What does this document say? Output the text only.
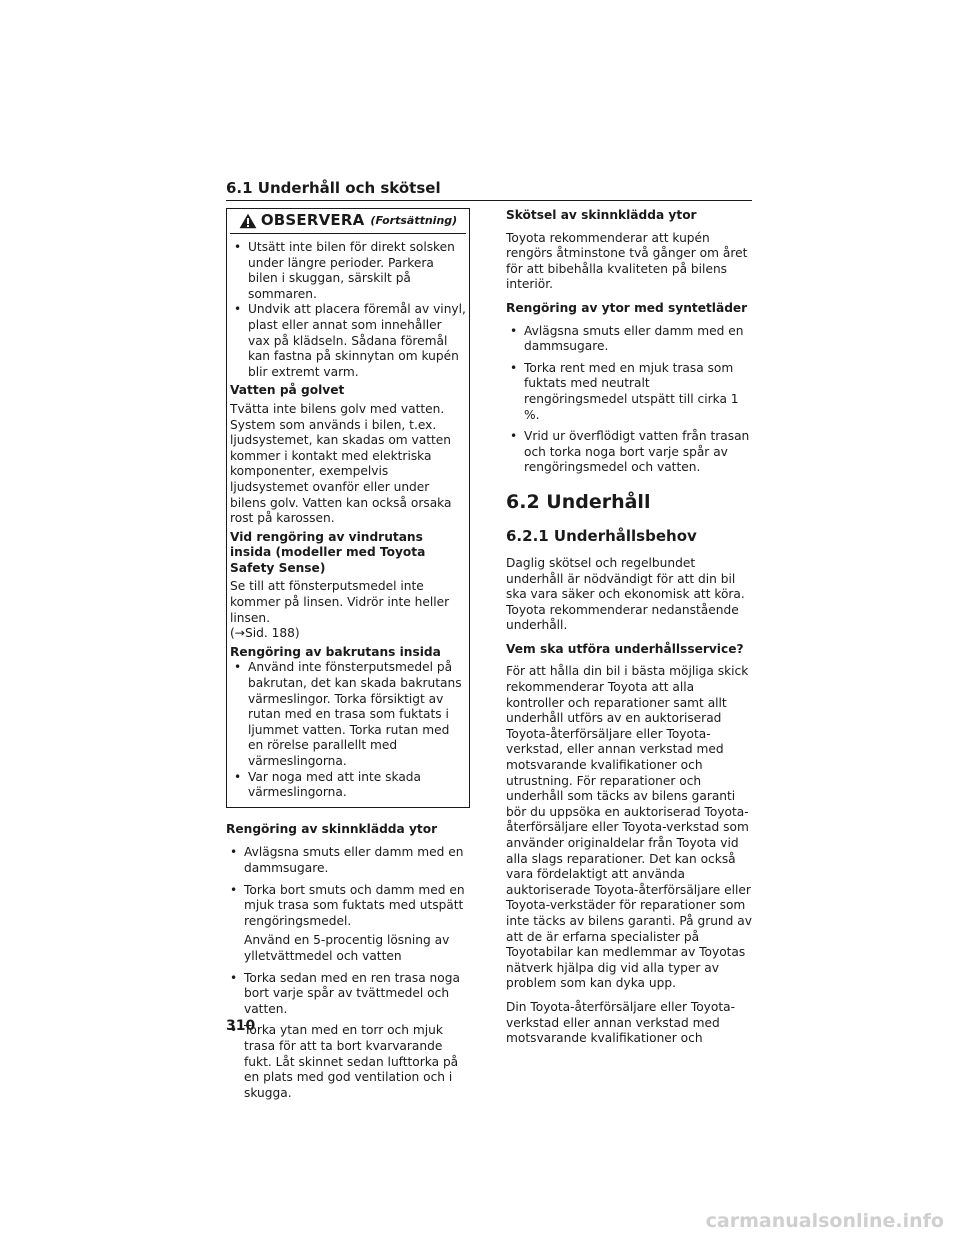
6.1 Underhåll och skötsel
OBSERVERA (Fortsättning)
• Utsätt inte bilen för direkt solsken under längre perioder. Parkera bilen i skuggan, särskilt på sommaren.
• Undvik att placera föremål av vinyl, plast eller annat som innehåller vax på klädseln. Sådana föremål kan fastna på skinnytan om kupén blir extremt varm.
Vatten på golvet
Tvätta inte bilens golv med vatten. System som används i bilen, t.ex. ljudsystemet, kan skadas om vatten kommer i kontakt med elektriska komponenter, exempelvis ljudsystemet ovanför eller under bilens golv. Vatten kan också orsaka rost på karossen.
Vid rengöring av vindrutans insida (modeller med Toyota Safety Sense)
Se till att fönsterputsmedel inte kommer på linsen. Vidrör inte heller linsen.
(→Sid. 188)
Rengöring av bakrutans insida
• Använd inte fönsterputsmedel på bakrutan, det kan skada bakrutans värmeslingor. Torka försiktigt av rutan med en trasa som fuktats i ljummet vatten. Torka rutan med en rörelse parallellt med värmeslingorna.
• Var noga med att inte skada värmeslingorna.
Rengöring av skinnklädda ytor
• Avlägsna smuts eller damm med en dammsugare.
• Torka bort smuts och damm med en mjuk trasa som fuktats med utspätt rengöringsmedel.
Använd en 5-procentig lösning av ylletvättmedel och vatten
• Torka sedan med en ren trasa noga bort varje spår av tvättmedel och vatten.
• Torka ytan med en torr och mjuk trasa för att ta bort kvarvarande fukt. Låt skinnet sedan lufttorka på en plats med god ventilation och i skugga.
Skötsel av skinnklädda ytor
Toyota rekommenderar att kupén rengörs åtminstone två gånger om året för att bibehålla kvaliteten på bilens interiör.
Rengöring av ytor med syntetläder
• Avlägsna smuts eller damm med en dammsugare.
• Torka rent med en mjuk trasa som fuktats med neutralt rengöringsmedel utspätt till cirka 1 %.
• Vrid ur överflödigt vatten från trasan och torka noga bort varje spår av rengöringsmedel och vatten.
6.2 Underhåll
6.2.1 Underhållsbehov
Daglig skötsel och regelbundet underhåll är nödvändigt för att din bil ska vara säker och ekonomisk att köra. Toyota rekommenderar nedanstående underhåll.
Vem ska utföra underhållsservice?
För att hålla din bil i bästa möjliga skick rekommenderar Toyota att alla kontroller och reparationer samt allt underhåll utförs av en auktoriserad Toyota-återförsäljare eller Toyota-verkstad, eller annan verkstad med motsvarande kvalifikationer och utrustning. För reparationer och underhåll som täcks av bilens garanti bör du uppsöka en auktoriserad Toyota-återförsäljare eller Toyota-verkstad som använder originaldelar från Toyota vid alla slags reparationer. Det kan också vara fördelaktigt att använda auktoriserade Toyota-återförsäljare eller Toyota-verkstäder för reparationer som inte täcks av bilens garanti. På grund av att de är erfarna specialister på Toyotabilar kan medlemmar av Toyotas nätverk hjälpa dig vid alla typer av problem som kan dyka upp.
Din Toyota-återförsäljare eller Toyota-verkstad eller annan verkstad med motsvarande kvalifikationer och
310
carmanualsonline.info
